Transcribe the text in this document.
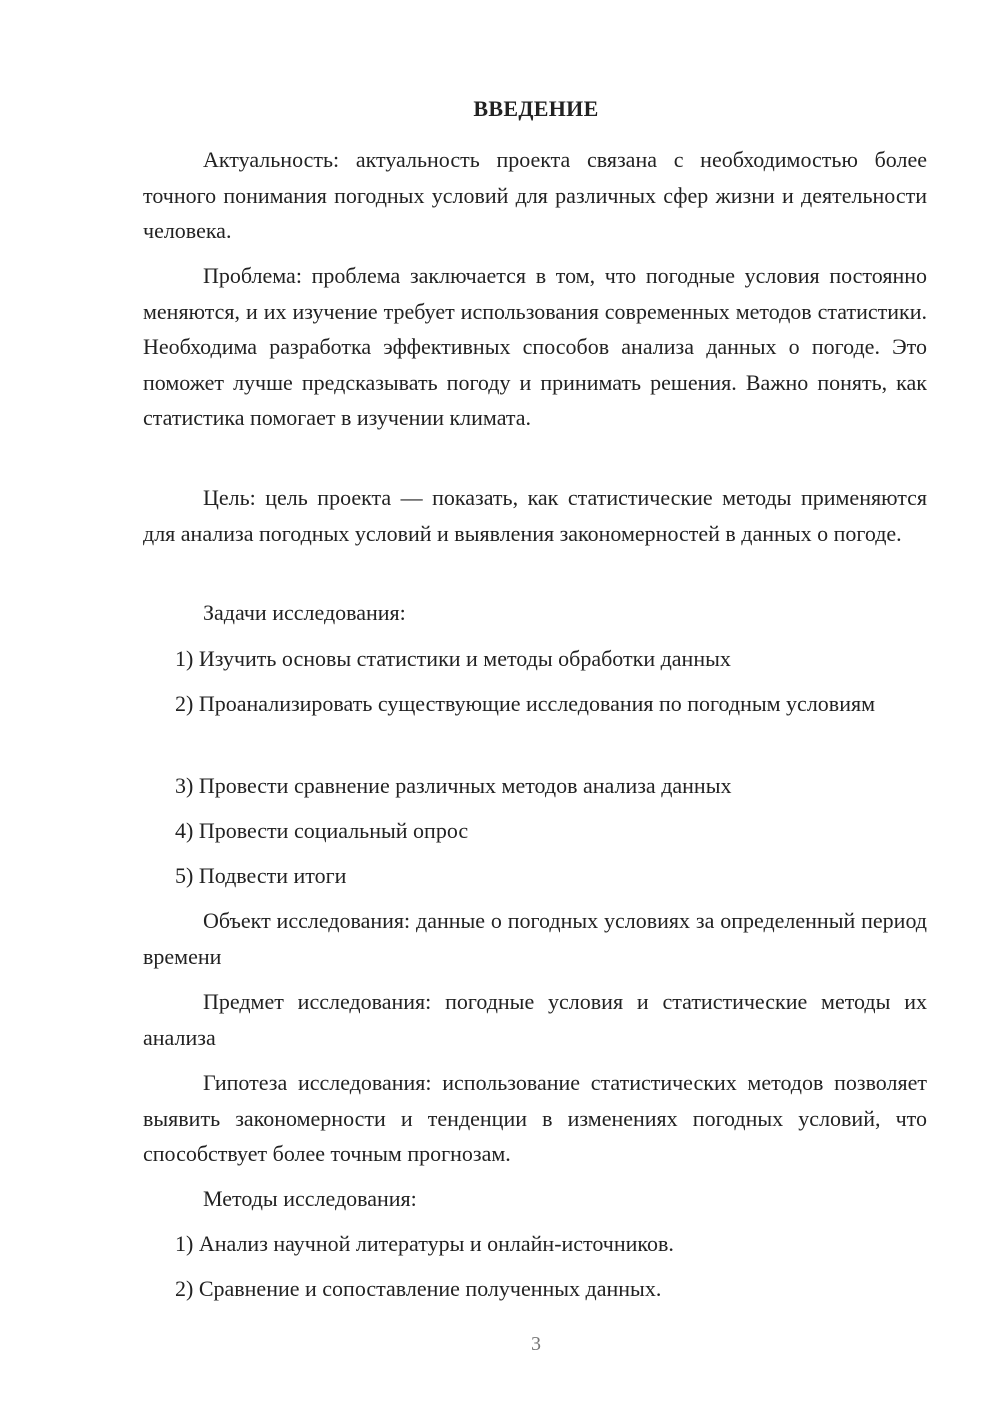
ВВЕДЕНИЕ

Актуальность: актуальность проекта связана с необходимостью более точного понимания погодных условий для различных сфер жизни и деятельности человека.

Проблема: проблема заключается в том, что погодные условия постоянно меняются, и их изучение требует использования современных методов статистики. Необходима разработка эффективных способов анализа данных о погоде. Это поможет лучше предсказывать погоду и принимать решения. Важно понять, как статистика помогает в изучении климата.

Цель: цель проекта — показать, как статистические методы применяются для анализа погодных условий и выявления закономерностей в данных о погоде.

Задачи исследования:

1) Изучить основы статистики и методы обработки данных

2) Проанализировать существующие исследования по погодным условиям

3) Провести сравнение различных методов анализа данных

4) Провести социальный опрос

5) Подвести итоги

Объект исследования: данные о погодных условиях за определенный период времени

Предмет исследования: погодные условия и статистические методы их анализа

Гипотеза исследования: использование статистических методов позволяет выявить закономерности и тенденции в изменениях погодных условий, что способствует более точным прогнозам.

Методы исследования:

1) Анализ научной литературы и онлайн-источников.

2) Сравнение и сопоставление полученных данных.

3
